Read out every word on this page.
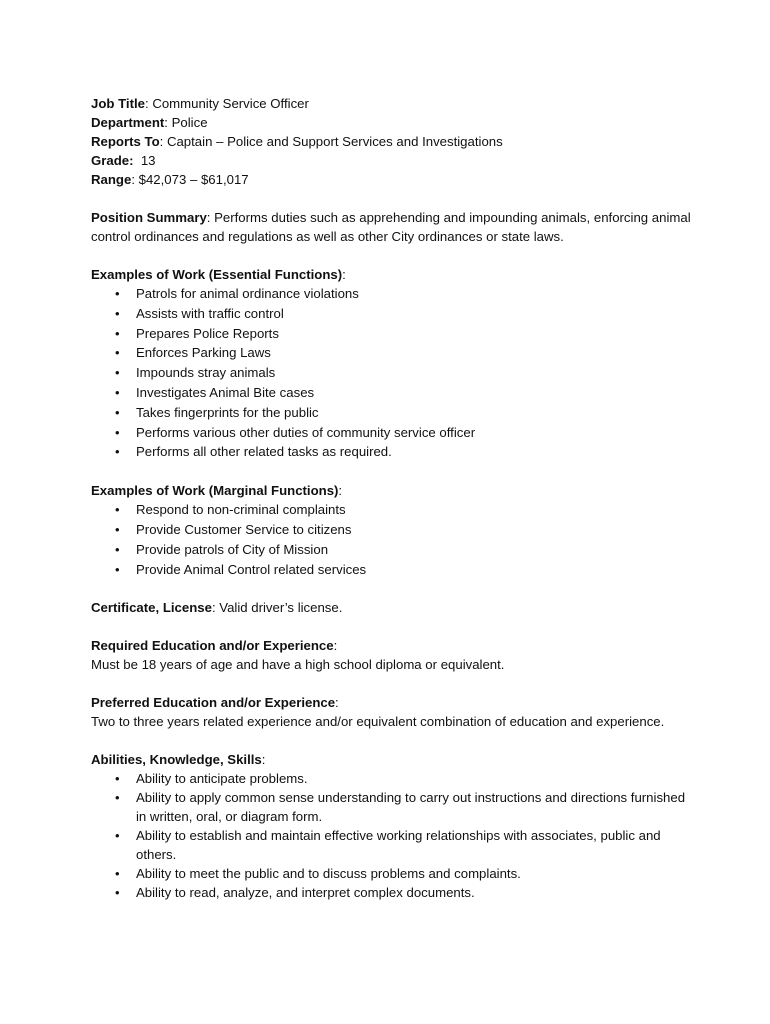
Job Title: Community Service Officer

Department: Police

Reports To: Captain – Police and Support Services and Investigations

Grade: 13

Range: $42,073 – $61,017

Position Summary: Performs duties such as apprehending and impounding animals, enforcing animal control ordinances and regulations as well as other City ordinances or state laws.

Examples of Work (Essential Functions):

• Patrols for animal ordinance violations
• Assists with traffic control
• Prepares Police Reports
• Enforces Parking Laws
• Impounds stray animals
• Investigates Animal Bite cases
• Takes fingerprints for the public
• Performs various other duties of community service officer
• Performs all other related tasks as required.

Examples of Work (Marginal Functions):

• Respond to non-criminal complaints
• Provide Customer Service to citizens
• Provide patrols of City of Mission
• Provide Animal Control related services

Certificate, License: Valid driver’s license.

Required Education and/or Experience:

Must be 18 years of age and have a high school diploma or equivalent.

Preferred Education and/or Experience:

Two to three years related experience and/or equivalent combination of education and experience.

Abilities, Knowledge, Skills:

• Ability to anticipate problems.
• Ability to apply common sense understanding to carry out instructions and directions furnished in written, oral, or diagram form.
• Ability to establish and maintain effective working relationships with associates, public and others.
• Ability to meet the public and to discuss problems and complaints.
• Ability to read, analyze, and interpret complex documents.
